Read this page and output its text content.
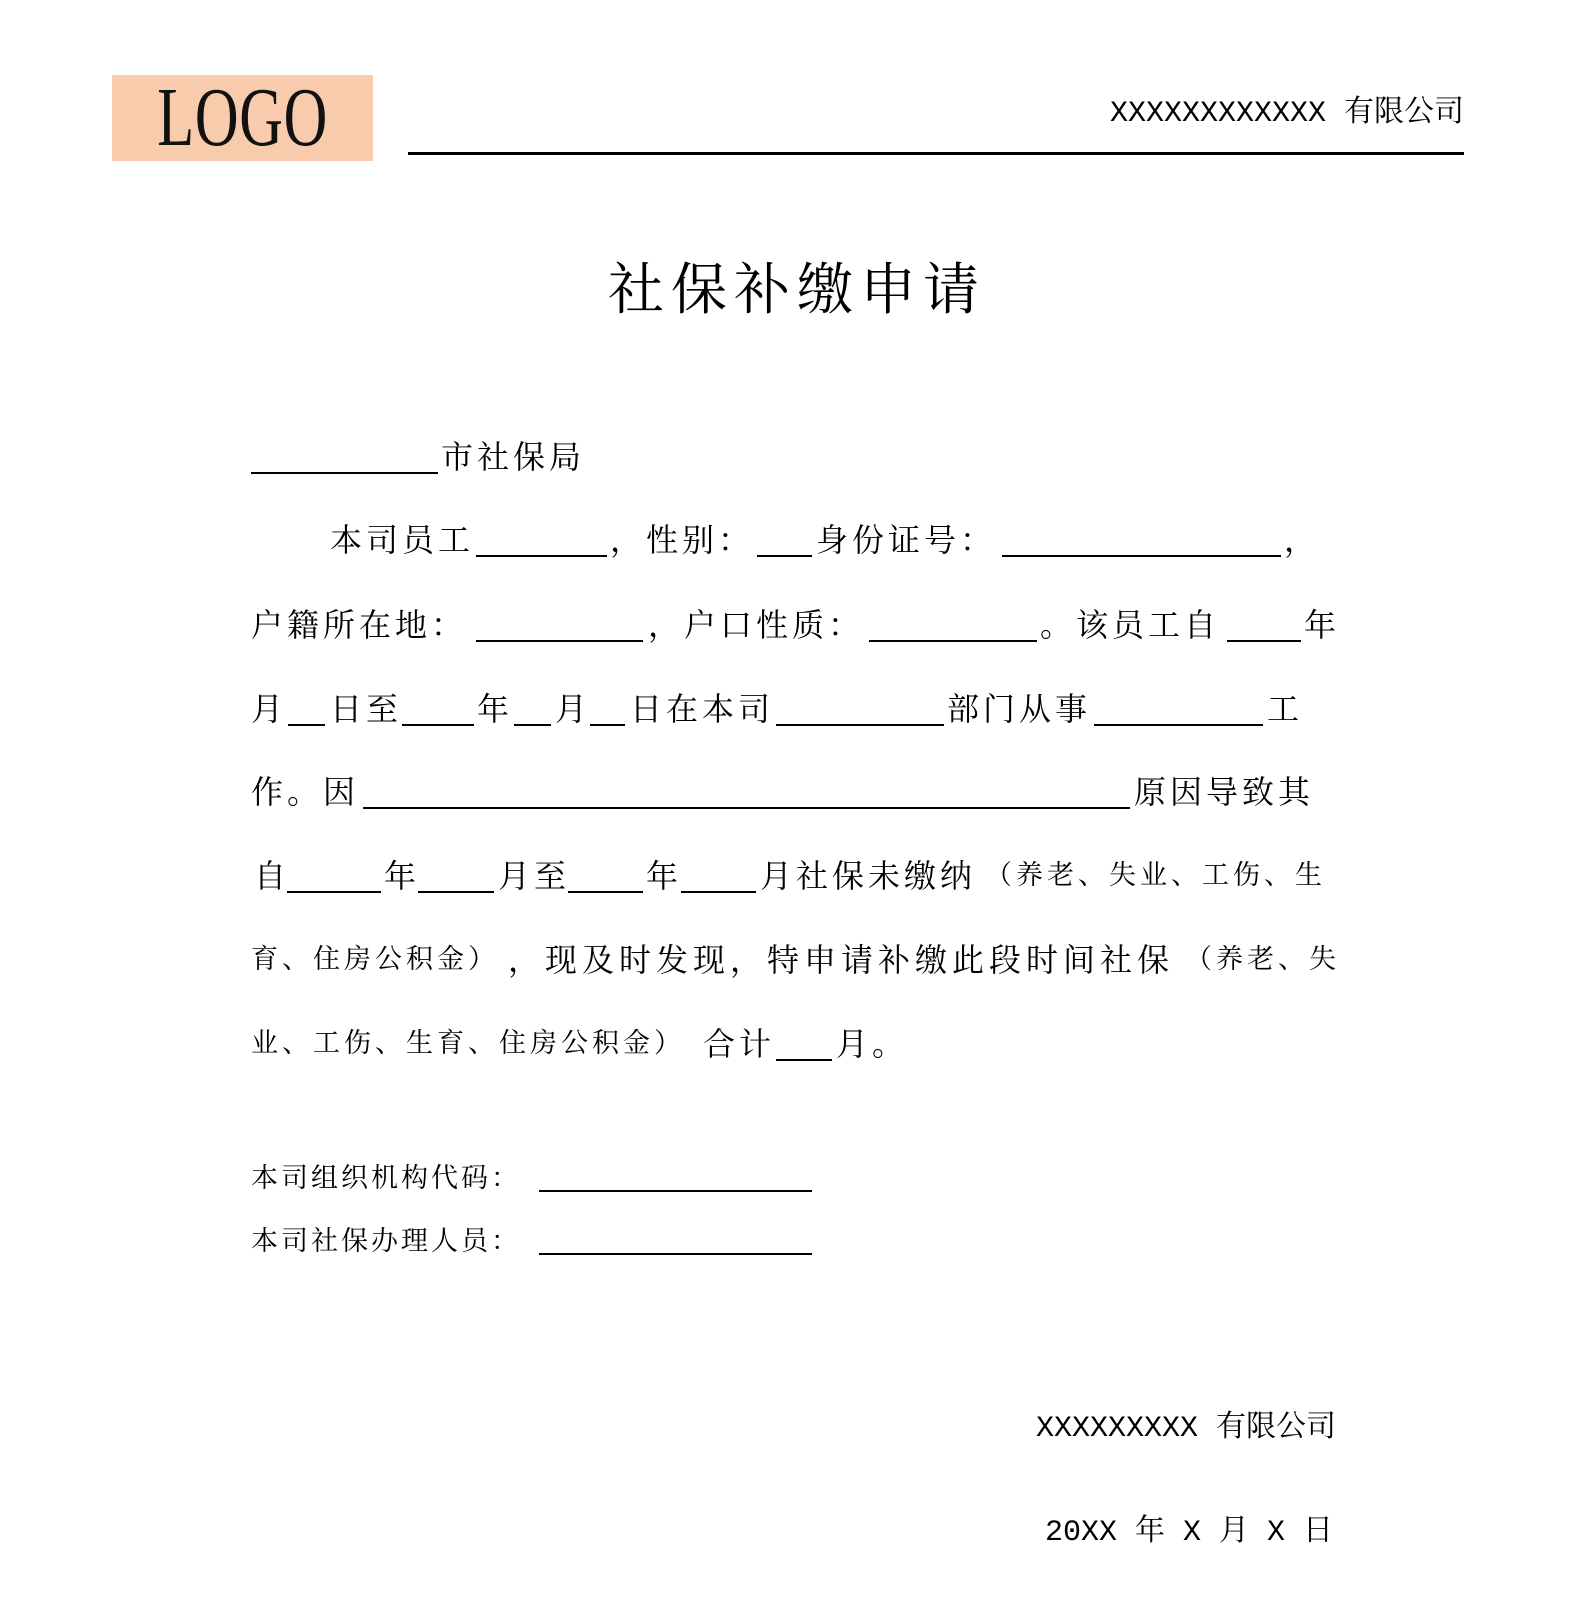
LOGO	XXXXXXXXXXXX 有限公司
社保补缴申请
市社保局
本司员工	，性别： 身份证号：	，
户籍所在地：	，户口性质：	。该员工自	年
月 日至 年 月 日在本司	部门从事	工
作。因	原因导致其
自	年 月至 年 月社保未缴纳 （养老、失业、工伤、生
育、住房公积金） ，现及时发现，特申请补缴此段时间社保 （养老、失
业、工伤、生育、住房公积金） 合计 月。
本司组织机构代码：
本司社保办理人员：
XXXXXXXXX 有限公司
20XX 年 X 月 X 日
